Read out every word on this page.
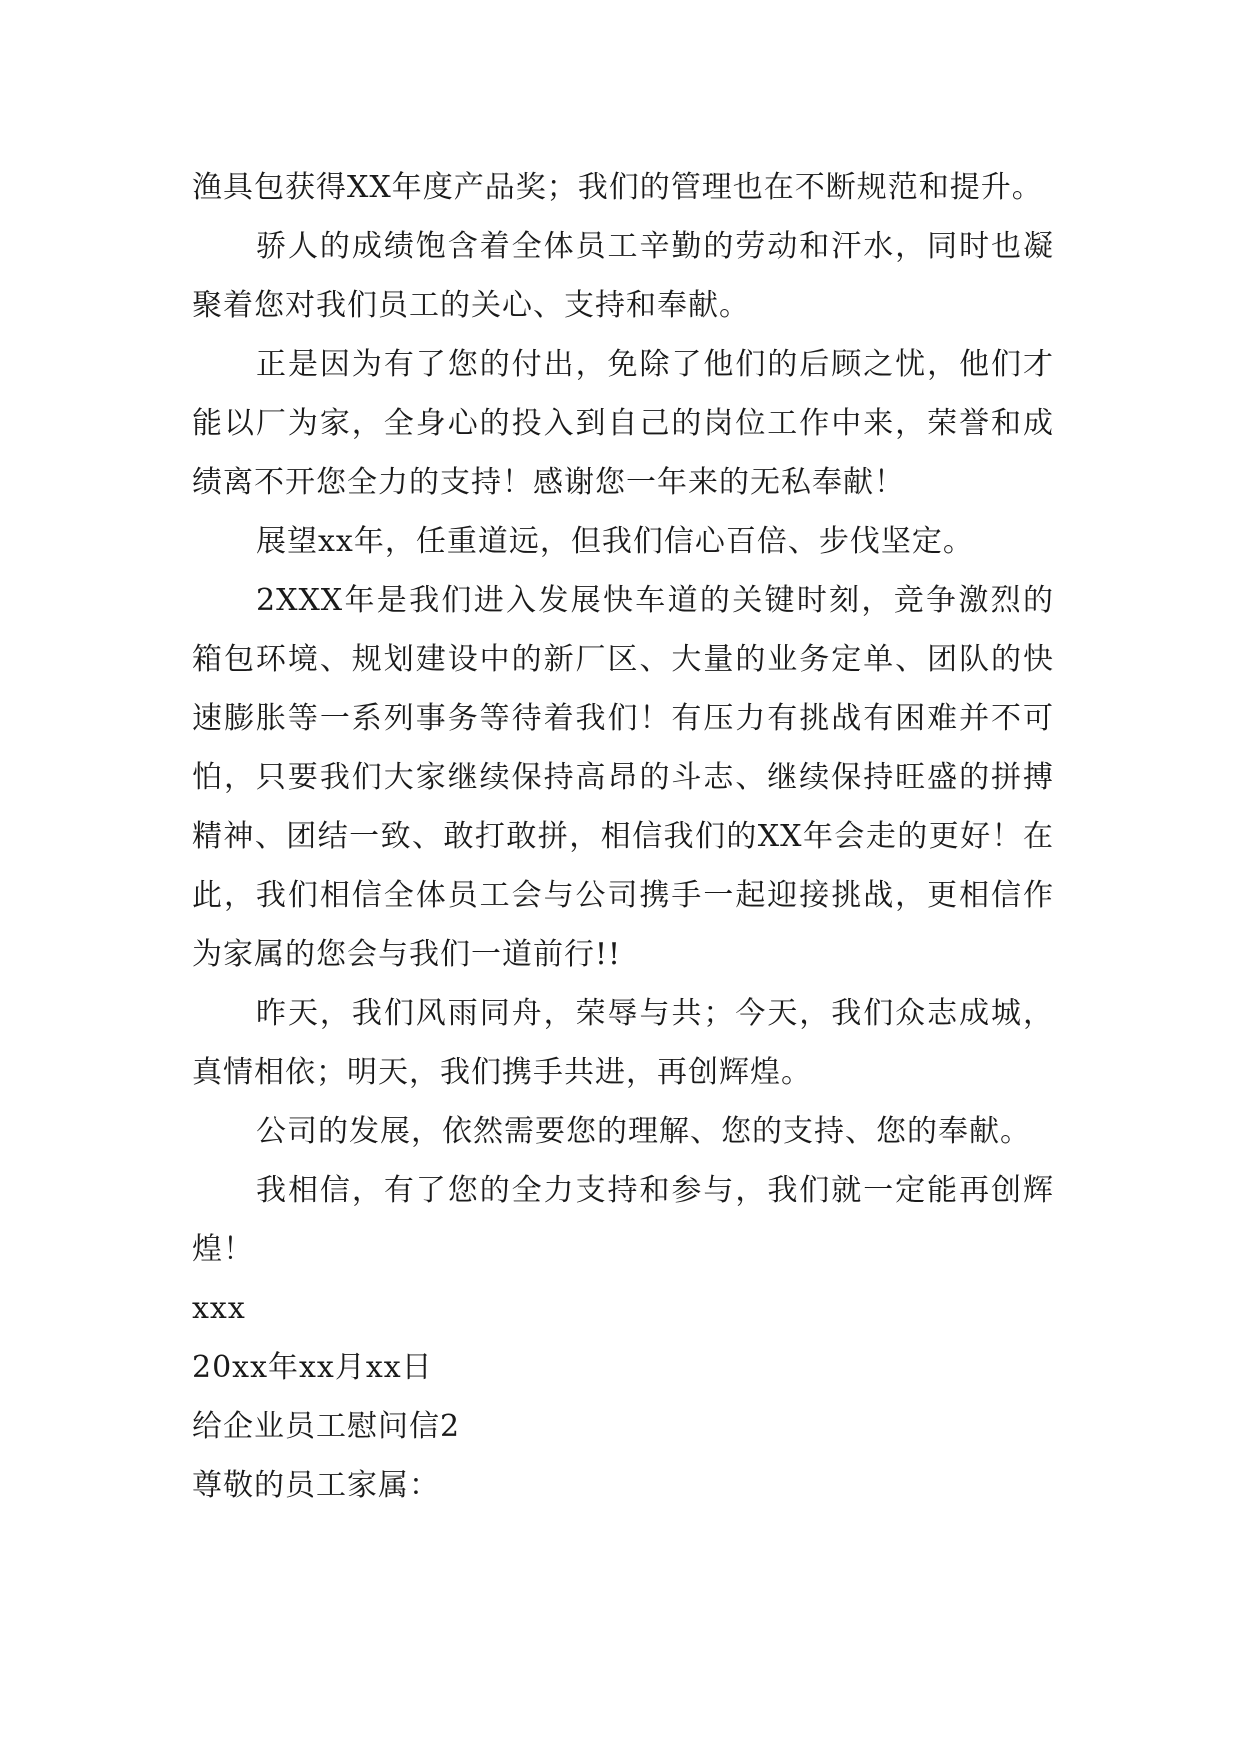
渔具包获得XX年度产品奖；我们的管理也在不断规范和提升。

骄人的成绩饱含着全体员工辛勤的劳动和汗水，同时也凝聚着您对我们员工的关心、支持和奉献。

正是因为有了您的付出，免除了他们的后顾之忧，他们才能以厂为家，全身心的投入到自己的岗位工作中来，荣誉和成绩离不开您全力的支持！感谢您一年来的无私奉献！

展望xx年，任重道远，但我们信心百倍、步伐坚定。

2XXX年是我们进入发展快车道的关键时刻，竞争激烈的箱包环境、规划建设中的新厂区、大量的业务定单、团队的快速膨胀等一系列事务等待着我们！有压力有挑战有困难并不可怕，只要我们大家继续保持高昂的斗志、继续保持旺盛的拼搏精神、团结一致、敢打敢拼，相信我们的XX年会走的更好！在此，我们相信全体员工会与公司携手一起迎接挑战，更相信作为家属的您会与我们一道前行!!

昨天，我们风雨同舟，荣辱与共；今天，我们众志成城，真情相依；明天，我们携手共进，再创辉煌。

公司的发展，依然需要您的理解、您的支持、您的奉献。

我相信，有了您的全力支持和参与，我们就一定能再创辉煌！

xxx

20xx年xx月xx日

给企业员工慰问信2

尊敬的员工家属：
